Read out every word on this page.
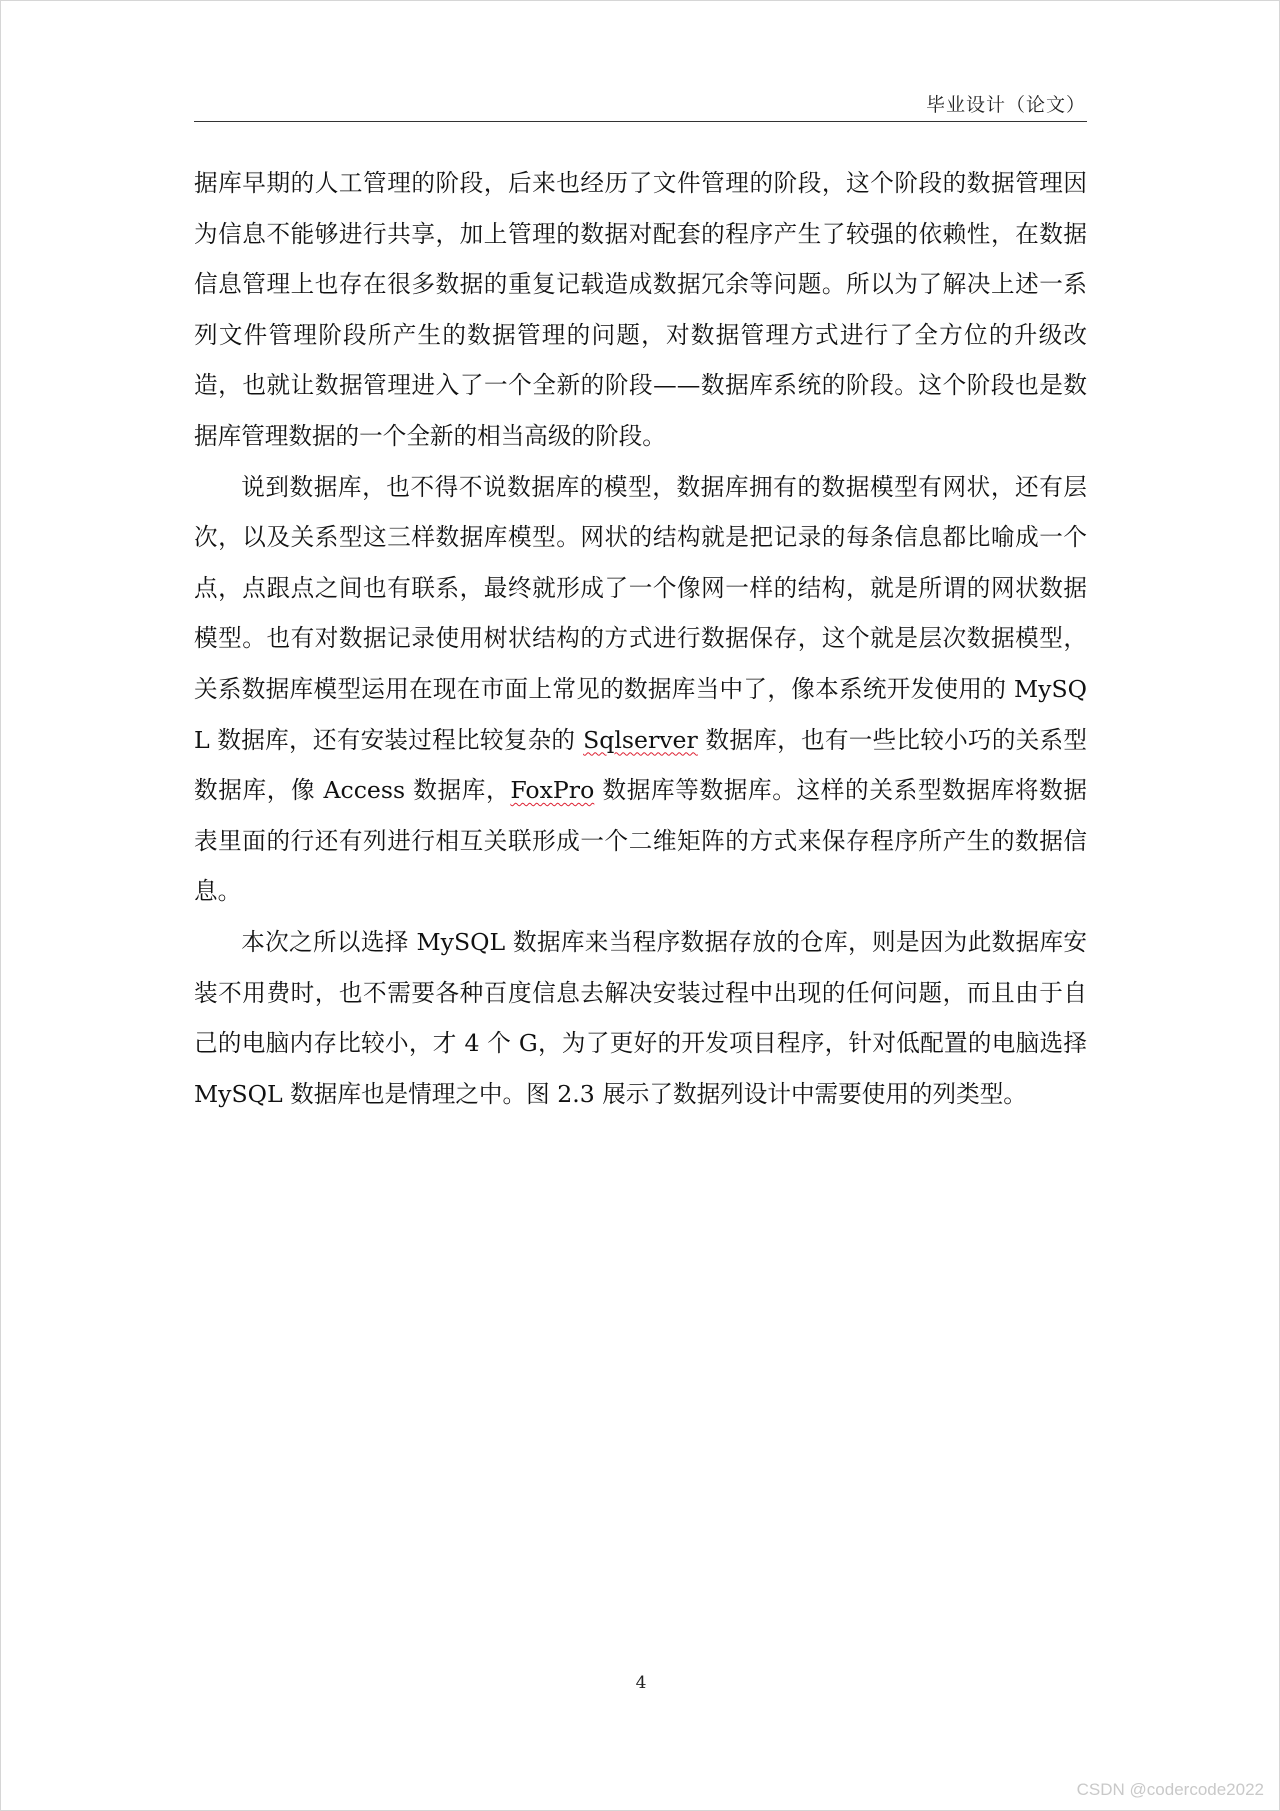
毕业设计（论文）

据库早期的人工管理的阶段，后来也经历了文件管理的阶段，这个阶段的数据管理因为信息不能够进行共享，加上管理的数据对配套的程序产生了较强的依赖性，在数据信息管理上也存在很多数据的重复记载造成数据冗余等问题。所以为了解决上述一系列文件管理阶段所产生的数据管理的问题，对数据管理方式进行了全方位的升级改造，也就让数据管理进入了一个全新的阶段——数据库系统的阶段。这个阶段也是数据库管理数据的一个全新的相当高级的阶段。

说到数据库，也不得不说数据库的模型，数据库拥有的数据模型有网状，还有层次，以及关系型这三样数据库模型。网状的结构就是把记录的每条信息都比喻成一个点，点跟点之间也有联系，最终就形成了一个像网一样的结构，就是所谓的网状数据模型。也有对数据记录使用树状结构的方式进行数据保存，这个就是层次数据模型，关系数据库模型运用在现在市面上常见的数据库当中了，像本系统开发使用的 MySQL 数据库，还有安装过程比较复杂的 Sqlserver 数据库，也有一些比较小巧的关系型数据库，像 Access 数据库，FoxPro 数据库等数据库。这样的关系型数据库将数据表里面的行还有列进行相互关联形成一个二维矩阵的方式来保存程序所产生的数据信息。

本次之所以选择 MySQL 数据库来当程序数据存放的仓库，则是因为此数据库安装不用费时，也不需要各种百度信息去解决安装过程中出现的任何问题，而且由于自己的电脑内存比较小，才 4 个 G，为了更好的开发项目程序，针对低配置的电脑选择 MySQL 数据库也是情理之中。图 2.3 展示了数据列设计中需要使用的列类型。

4
CSDN @codercode2022
